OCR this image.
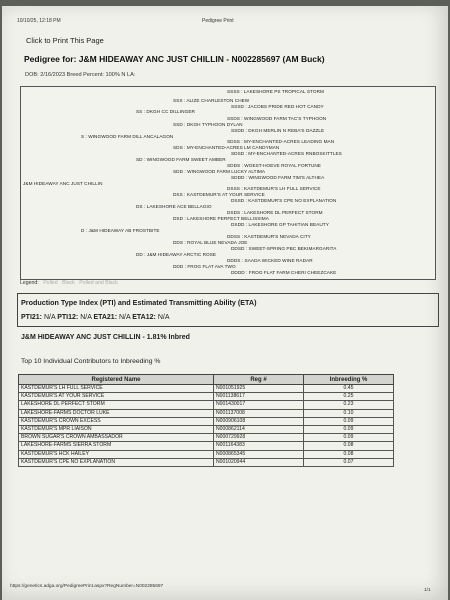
10/10/25, 12:18 PM	Pedigree Print
Click to Print This Page
Pedigree for: J&M HIDEAWAY ANC JUST CHILLIN - N002285697 (AM Buck)
DOB: 2/16/2023 Breed Percent: 100% N LA:
SSSS : LAKESHORE PS TROPICAL STORM
SSS : ALIZE CHARLESTON CHEW
SSSD : JACOBS PRIDE RED HOT CANDY
SS : DKGH CC DILLINGER
SSDS : WINGWOOD FARM TAC'S TYPHOON
SSD : DKGH TYPHOON DYLAN
SSDD : DKGH MERLIN N REBA'S DAZZLE
S : WINGWOOD FARM DILL ANCALAGON
SDSS : MY-ENCHANTED-ACRES LEADING MAN
SDS : MY-ENCHANTED-ACRES LM CANDYMAN
SDSD : MY-ENCHANTED-ACRES RNBOSKITTLES
SD : WINGWOOD FARM SWEET AMBER
SDDS : WOEST-HOEVE ROYAL FORTUNE
SDD : WINGWOOD FARM LUCKY ALTIMA
SDDD : WINGWOOD FARM TIM'S ALTHEA
J&M HIDEAWAY ANC JUST CHILLIN
DSSS : KASTDEMUR'S LH FULL SERVICE
DSS : KASTDEMUR'S AT YOUR SERVICE
DSSD : KASTDEMUR'S CPE NO EXPLANATION
DS : LAKESHORE ACE BELLAGIO
DSDS : LAKESHORE DL PERFECT STORM
DSD : LAKESHORE PERFECT BELLISSIMA
DSDD : LAKESHORE GP TAHITIAN BEAUTY
D : J&M HIDEAWAY AB FROSTBITE
DDSS : KASTDEMUR'S NEVADA CITY
DDS : ROYAL BLUE NEVADA JOE
DDSD : SWEET-SPRING PBC BEKIMARGARITA
DD : J&M HIDEAWAY ARCTIC ROSE
DDDS : SAADA WICKED WINE RADAR
DDD : FROG FLAT AVA TWO
DDDD : FROG FLAT FARM CHERI CHEEZCAKE
Legend: Polled Black Polled and Black
Production Type Index (PTI) and Estimated Transmitting Ability (ETA)
PTI21: N/A PTI12: N/A ETA21: N/A ETA12: N/A
J&M HIDEAWAY ANC JUST CHILLIN - 1.81% Inbred
Top 10 Individual Contributors to Inbreeding %
Registered Name	Reg #	Inbreeding %
KASTDEMUR'S LH FULL SERVICE	N001051925	0.45
KASTDEMUR'S AT YOUR SERVICE	N001138617	0.25
LAKESHORE DL PERFECT STORM	N001430017	0.23
LAKESHORE-FARMS DOCTOR LUKE	N001137008	0.10
KASTDEMUR'S CROWN EXCESS	N000906108	0.09
KASTDEMUR'S MPR LIAISON	N000862114	0.09
BROWN SUGAR'S CROWN AMBASSADOR	N000729928	0.09
LAKESHORE-FARMS SIERRA STORM	N001164383	0.08
KASTDEMUR'S HCK HAILEY	N000865345	0.08
KASTDEMUR'S CPE NO EXPLANATION	N001020944	0.07
https://genetics.adga.org/PedigreePrint.aspx?RegNumber=N002285697
1/1
